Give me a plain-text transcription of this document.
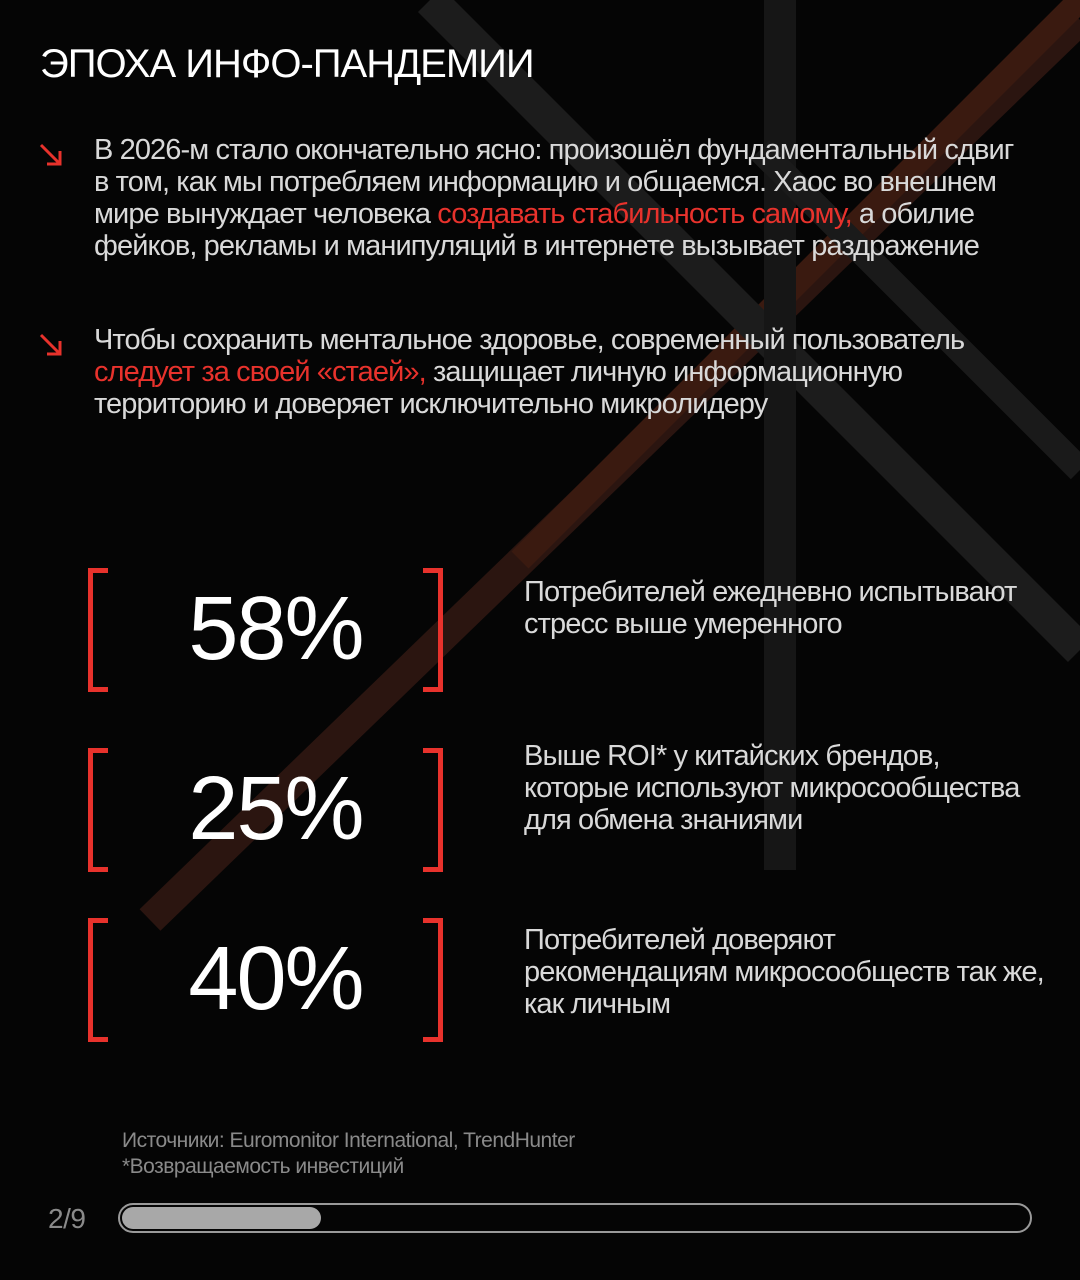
ЭПОХА ИНФО-ПАНДЕМИИ
В 2026-м стало окончательно ясно: произошёл фундаментальный сдвиг в том, как мы потребляем информацию и общаемся. Хаос во внешнем мире вынуждает человека создавать стабильность самому, а обилие фейков, рекламы и манипуляций в интернете вызывает раздражение
Чтобы сохранить ментальное здоровье, современный пользователь следует за своей «стаей», защищает личную информационную территорию и доверяет исключительно микролидеру
58%	Потребителей ежедневно испытывают стресс выше умеренного
25%
Выше ROI* у китайских брендов, которые используют микросообщества для обмена знаниями
40%	Потребителей доверяют рекомендациям микросообществ так же, как личным
Источники: Euromonitor International, TrendHunter
*Возвращаемость инвестиций
2/9
